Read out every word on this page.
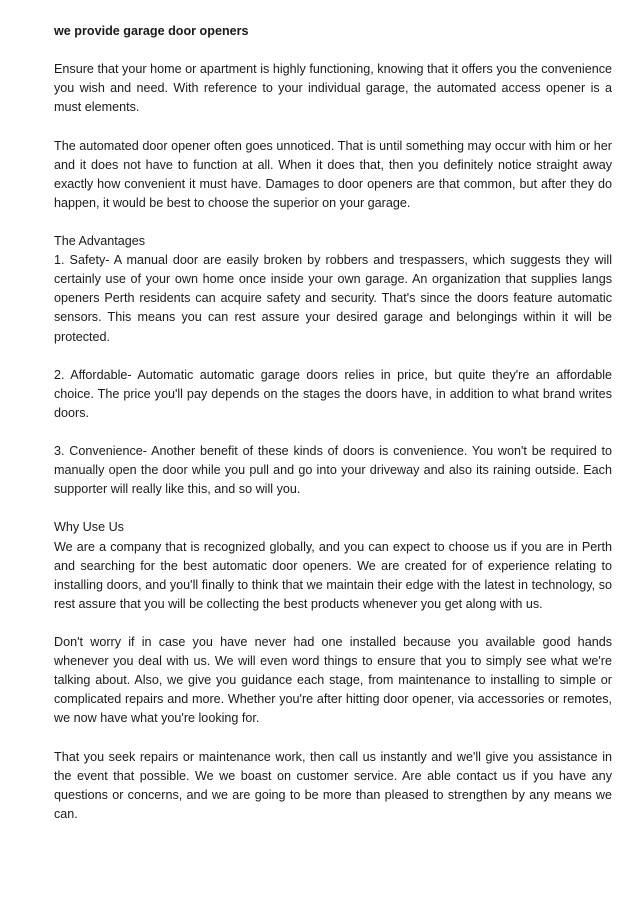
we provide garage door openers

Ensure that your home or apartment is highly functioning, knowing that it offers you the convenience you wish and need. With reference to your individual garage, the automated access opener is a must elements.

The automated door opener often goes unnoticed. That is until something may occur with him or her and it does not have to function at all. When it does that, then you definitely notice straight away exactly how convenient it must have. Damages to door openers are that common, but after they do happen, it would be best to choose the superior on your garage.

The Advantages

1. Safety- A manual door are easily broken by robbers and trespassers, which suggests they will certainly use of your own home once inside your own garage. An organization that supplies langs openers Perth residents can acquire safety and security. That's since the doors feature automatic sensors. This means you can rest assure your desired garage and belongings within it will be protected.

2. Affordable- Automatic automatic garage doors relies in price, but quite they're an affordable choice. The price you'll pay depends on the stages the doors have, in addition to what brand writes doors.

3. Convenience- Another benefit of these kinds of doors is convenience. You won't be required to manually open the door while you pull and go into your driveway and also its raining outside. Each supporter will really like this, and so will you.

Why Use Us

We are a company that is recognized globally, and you can expect to choose us if you are in Perth and searching for the best automatic door openers. We are created for of experience relating to installing doors, and you'll finally to think that we maintain their edge with the latest in technology, so rest assure that you will be collecting the best products whenever you get along with us.

Don't worry if in case you have never had one installed because you available good hands whenever you deal with us. We will even word things to ensure that you to simply see what we're talking about. Also, we give you guidance each stage, from maintenance to installing to simple or complicated repairs and more. Whether you're after hitting door opener, via accessories or remotes, we now have what you're looking for.

That you seek repairs or maintenance work, then call us instantly and we'll give you assistance in the event that possible. We we boast on customer service. Are able contact us if you have any questions or concerns, and we are going to be more than pleased to strengthen by any means we can.
